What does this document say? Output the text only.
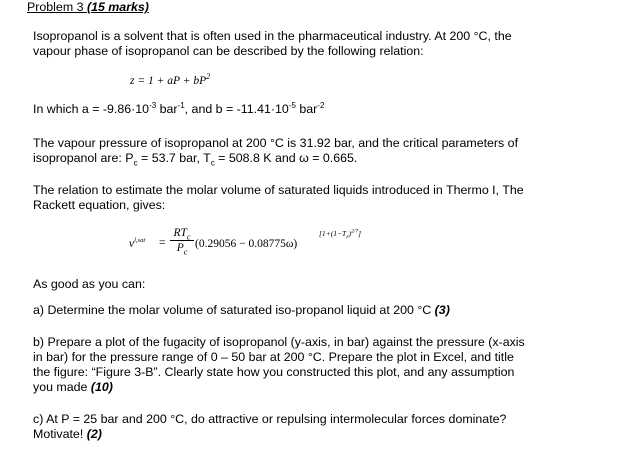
Problem 3 (15 marks)

Isopropanol is a solvent that is often used in the pharmaceutical industry. At 200 °C, the

vapour phase of isopropanol can be described by the following relation:

z = 1 + aP + $bP^2$

In which $a = -9.86\cdot 10^{-3}$ bar$^{-1}$, and $b = -11.41\cdot 10^{-5}$ bar$^{-2}$

The vapour pressure of isopropanol at 200 °C is 31.92 bar, and the critical parameters of

isopropanol are: $P_c = 53.7$ bar, $T_c = 508.8$ K and ω = 0.665.

The relation to estimate the molar volume of saturated liquids introduced in Thermo I, The

Rackett equation, gives:

$v^{l,sat}$ =
$RT_c$
$P_c$
(0.29056 − 0.08775ω)
$[1+(1-T_r)^{2/7}]$

As good as you can:

a) Determine the molar volume of saturated iso-propanol liquid at 200 °C (3)

b) Prepare a plot of the fugacity of isopropanol (y-axis, in bar) against the pressure (x-axis

in bar) for the pressure range of 0 – 50 bar at 200 °C. Prepare the plot in Excel, and title

the figure: “Figure 3-B”. Clearly state how you constructed this plot, and any assumption

you made (10)

c) At P = 25 bar and 200 °C, do attractive or repulsing intermolecular forces dominate?

Motivate! (2)
